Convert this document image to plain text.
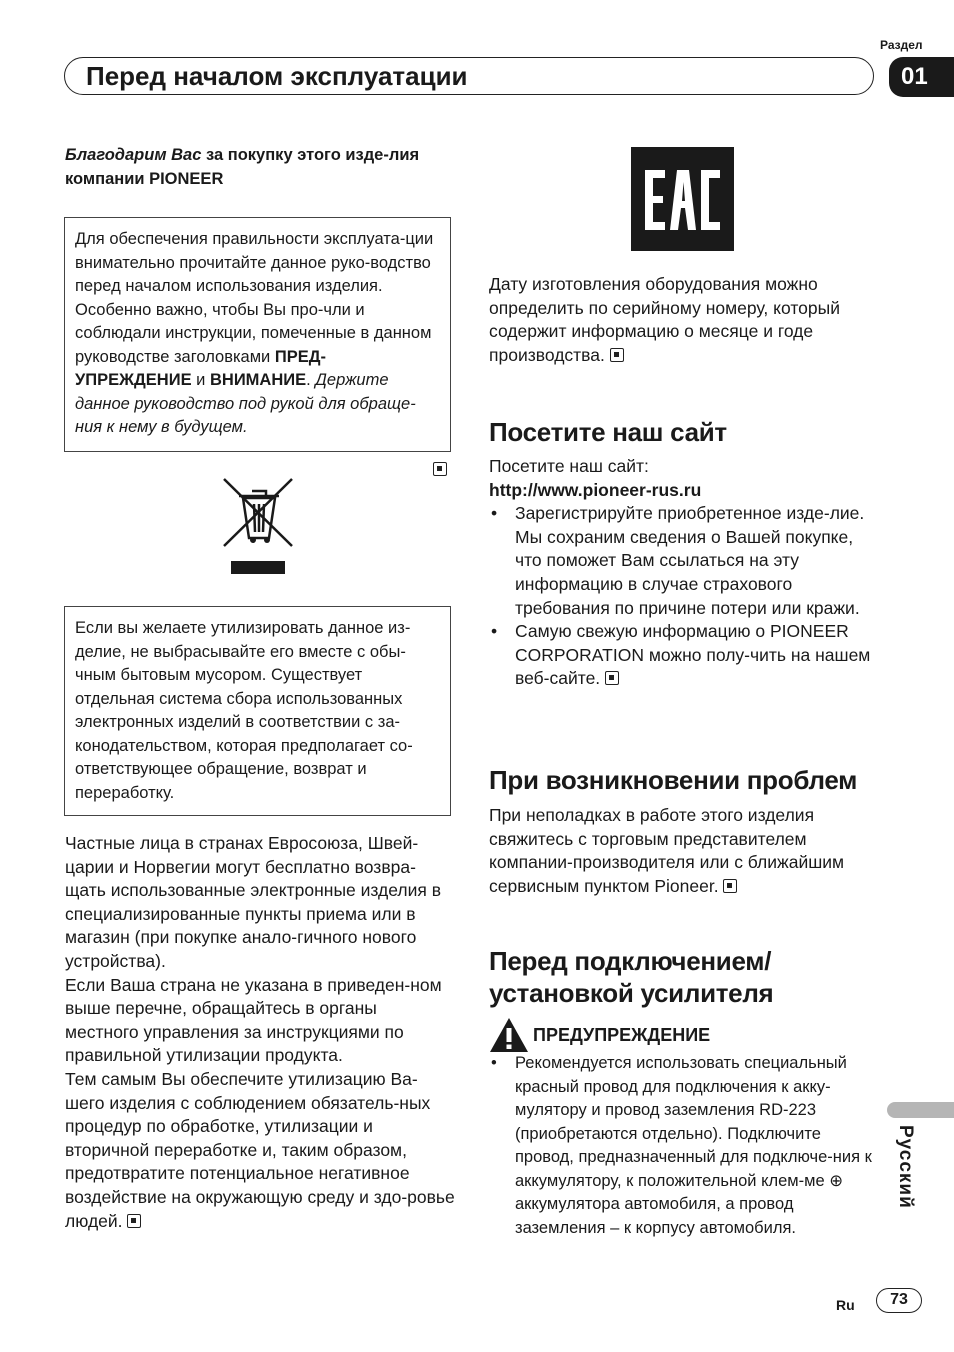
Раздел
Перед началом эксплуатации	01
Благодарим Вас за покупку этого изде-лия компании PIONEER

Для обеспечения правильности эксплуата-ции внимательно прочитайте данное руко-водство перед началом использования изделия. Особенно важно, чтобы Вы про-чли и соблюдали инструкции, помеченные в данном руководстве заголовками ПРЕД-УПРЕЖДЕНИЕ и ВНИМАНИЕ. Держите данное руководство под рукой для обраще-ния к нему в будущем.

Если вы желаете утилизировать данное из-делие, не выбрасывайте его вместе с обы-чным бытовым мусором. Существует отдельная система сбора использованных электронных изделий в соответствии с за-конодательством, которая предполагает со-ответствующее обращение, возврат и переработку.

Частные лица в странах Евросоюза, Швей-царии и Норвегии могут бесплатно возвра-щать использованные электронные изделия в специализированные пункты приема или в магазин (при покупке анало-гичного нового устройства).

Если Ваша страна не указана в приведен-ном выше перечне, обращайтесь в органы местного управления за инструкциями по правильной утилизации продукта.

Тем самым Вы обеспечите утилизацию Ва-шего изделия с соблюдением обязатель-ных процедур по обработке, утилизации и вторичной переработке и, таким образом, предотвратите потенциальное негативное воздействие на окружающую среду и здо-ровье людей.

Дату изготовления оборудования можно определить по серийному номеру, который содержит информацию о месяце и годе производства.

Посетите наш сайт

Посетите наш сайт:

http://www.pioneer-rus.ru

• Зарегистрируйте приобретенное изде-лие. Мы сохраним сведения о Вашей покупке, что поможет Вам ссылаться на эту информацию в случае страхового требования по причине потери или кражи.
• Самую свежую информацию о PIONEER CORPORATION можно полу-чить на нашем веб-сайте.
При возникновении проблем

При неполадках в работе этого изделия свяжитесь с торговым представителем компании-производителя или с ближайшим сервисным пунктом Pioneer.

Перед подключением/
установкой усилителя
ПРЕДУПРЕЖДЕНИЕ
• Рекомендуется использовать специальный красный провод для подключения к акку-мулятору и провод заземления RD-223 (приобретаются отдельно). Подключите провод, предназначенный для подключе-ния к аккумулятору, к положительной клем-ме ⊕ аккумулятора автомобиля, а провод заземления – к корпусу автомобиля.
Русский
Ru	73
